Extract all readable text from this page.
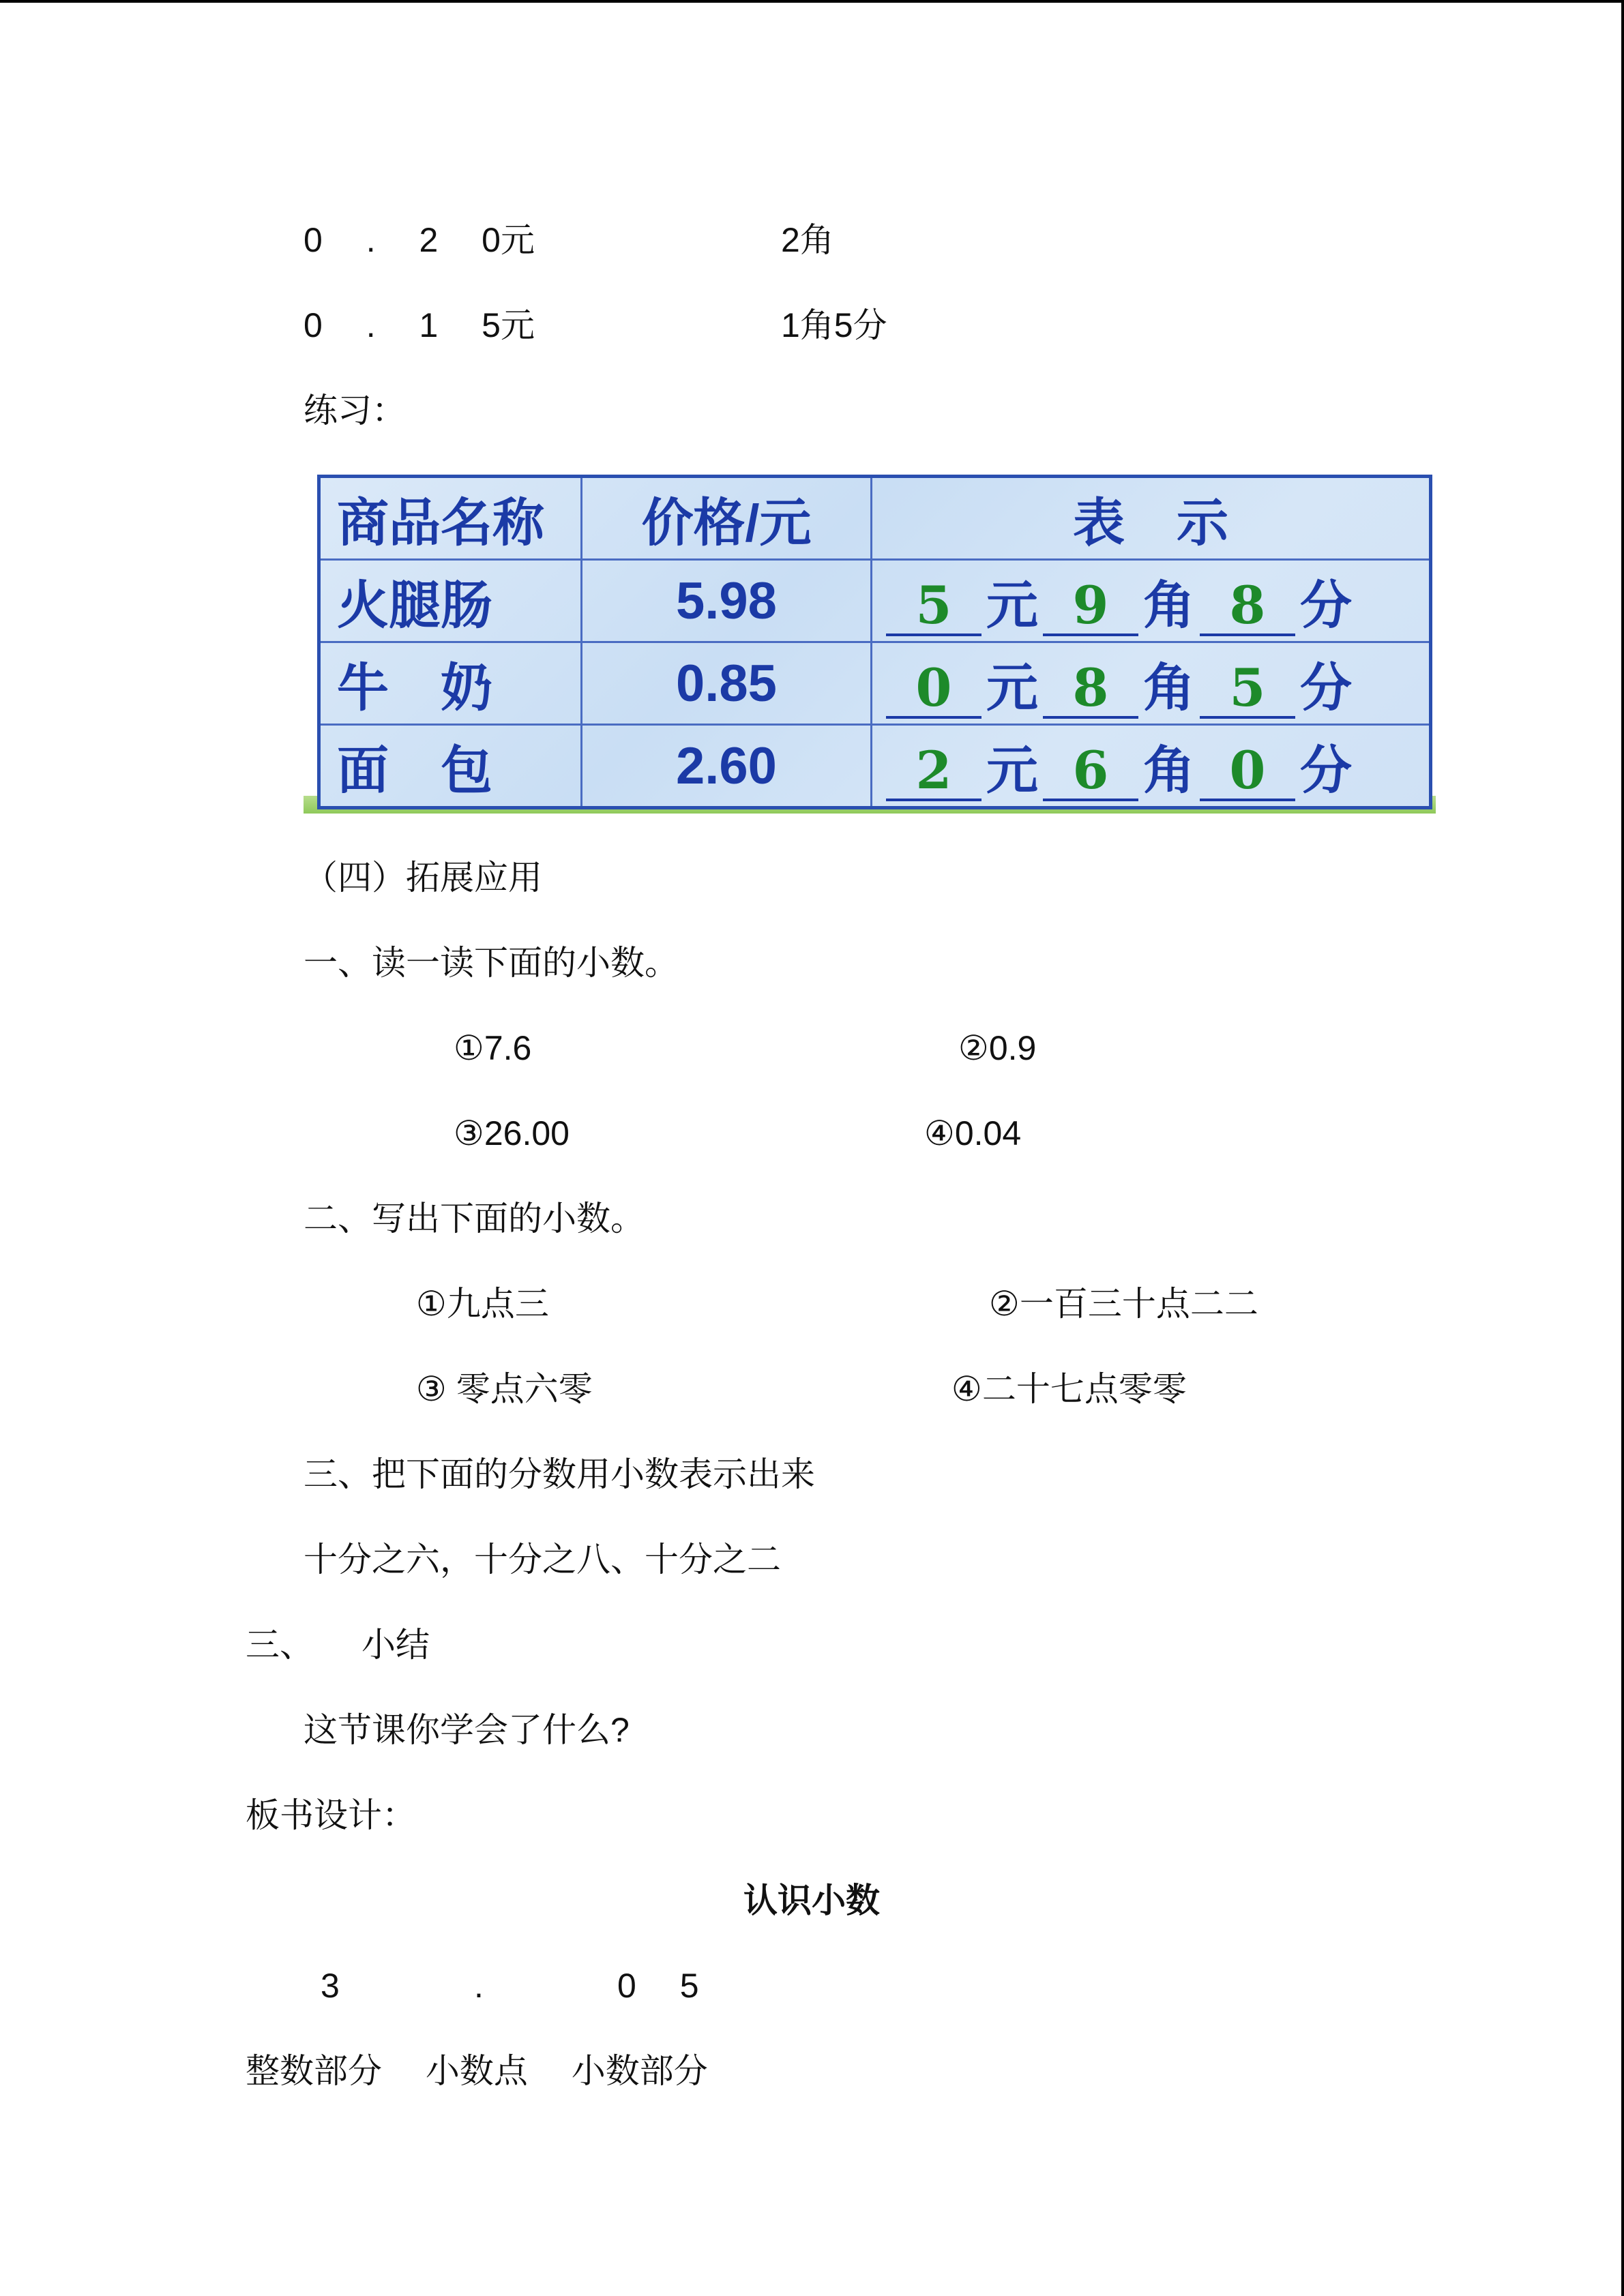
0 　.　 2 　0元	2角
0 　.　 1 　5元	1角5分
练习：
商品名称	价格/元	表　示
火腿肠	5.98	5 元 9 角 8 分
牛　奶	0.85	0 元 8 角 5 分
面　包	2.60	2 元 6 角 0 分
（四）拓展应用
一、读一读下面的小数。
①7.6	②0.9
③26.00	④0.04
二、写出下面的小数。
①九点三	②一百三十点二二
③ 零点六零	④二十七点零零
三、把下面的分数用小数表示出来
十分之六，十分之八、十分之二
三、 小结
这节课你学会了什么?
板书设计：
认识小数
3	.	0 　5
整数部分 　小数点 　小数部分
